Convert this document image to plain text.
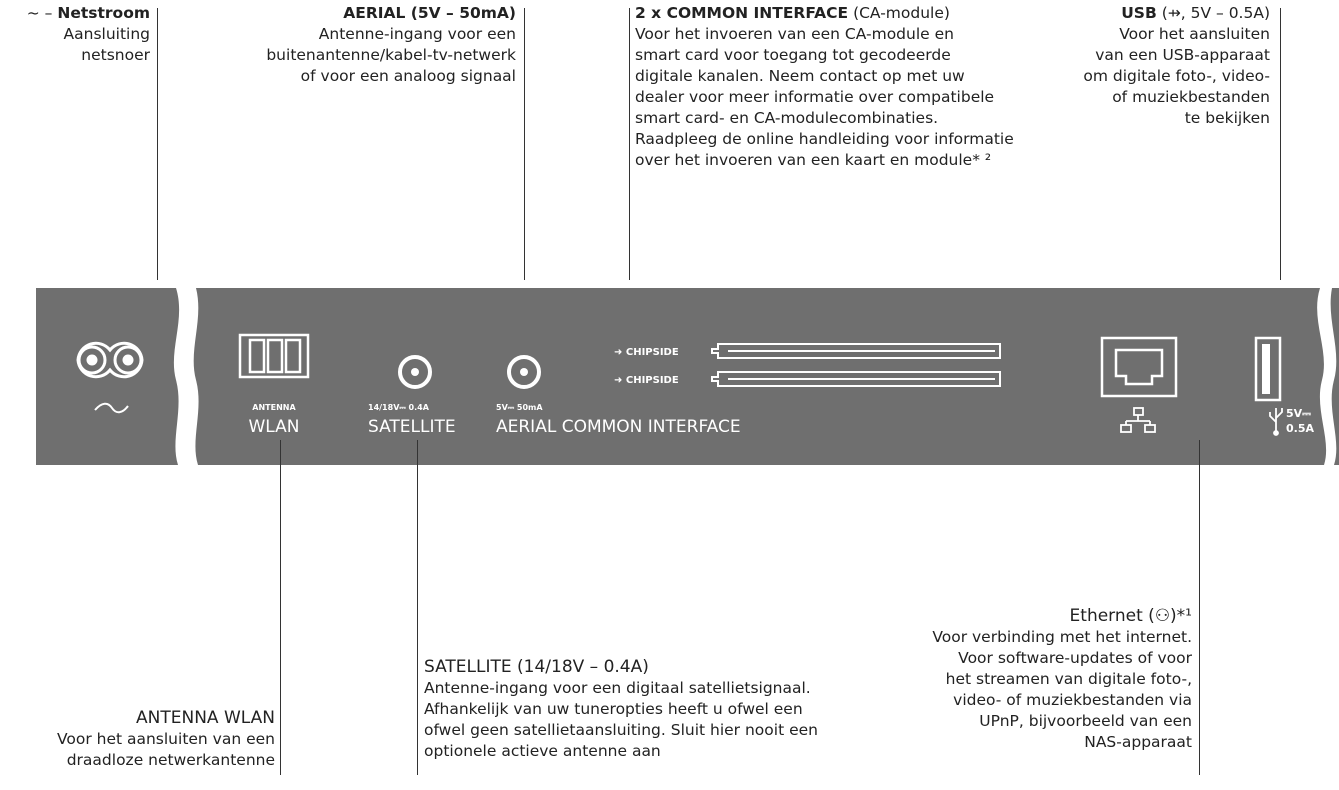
~ – Netstroom
Aansluiting
netsnoer
AERIAL (5V – 50mA)
Antenne-ingang voor een
buitenantenne/kabel-tv-netwerk
of voor een analoog signaal
2 x COMMON INTERFACE (CA-module)
Voor het invoeren van een CA-module en
smart card voor toegang tot gecodeerde
digitale kanalen. Neem contact op met uw
dealer voor meer informatie over compatibele
smart card- en CA-modulecombinaties.
Raadpleeg de online handleiding voor informatie
over het invoeren van een kaart en module* ²
USB (⇸, 5V – 0.5A)
Voor het aansluiten
van een USB-apparaat
om digitale foto-, video-
of muziekbestanden
te bekijken
ANTENNA
WLAN
14/18V⎓ 0.4A
SATELLITE
5V⎓ 50mA
AERIAL COMMON INTERFACE
➜ CHIPSIDE
➜ CHIPSIDE
5V⎓
0.5A
ANTENNA WLAN
Voor het aansluiten van een
draadloze netwerkantenne
SATELLITE (14/18V – 0.4A)
Antenne-ingang voor een digitaal satellietsignaal.
Afhankelijk van uw tuneropties heeft u ofwel een
ofwel geen satellietaansluiting. Sluit hier nooit een
optionele actieve antenne aan
Ethernet (⚇)*¹
Voor verbinding met het internet.
Voor software-updates of voor
het streamen van digitale foto-,
video- of muziekbestanden via
UPnP, bijvoorbeeld van een
NAS-apparaat
